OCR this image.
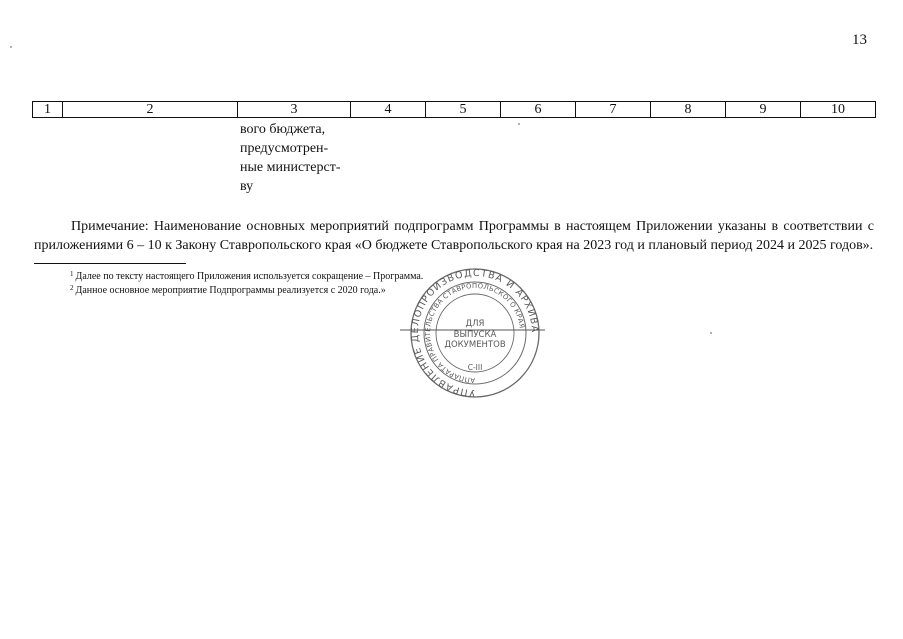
13
1	2	3	4	5	6	7	8	9	10
вого бюджета,
предусмотрен-
ные министерст-
ву

Примечание: Наименование основных мероприятий подпрограмм Программы в настоящем Приложении указаны в соответствии с приложениями 6 – 10 к Закону Ставропольского края «О бюджете Ставропольского края на 2023 год и плановый период 2024 и 2025 годов».

$^1$ Далее по тексту настоящего Приложения используется сокращение – Программа.
$^2$ Данное основное мероприятие Подпрограммы реализуется с 2020 года.»
УПРАВЛЕНИЕ ДЕЛОПРОИЗВОДСТВА И АРХИВА
АППАРАТА ПРАВИТЕЛЬСТВА СТАВРОПОЛЬСКОГО КРАЯ
ДЛЯ
ВЫПУСКА
ДОКУМЕНТОВ
С-III
